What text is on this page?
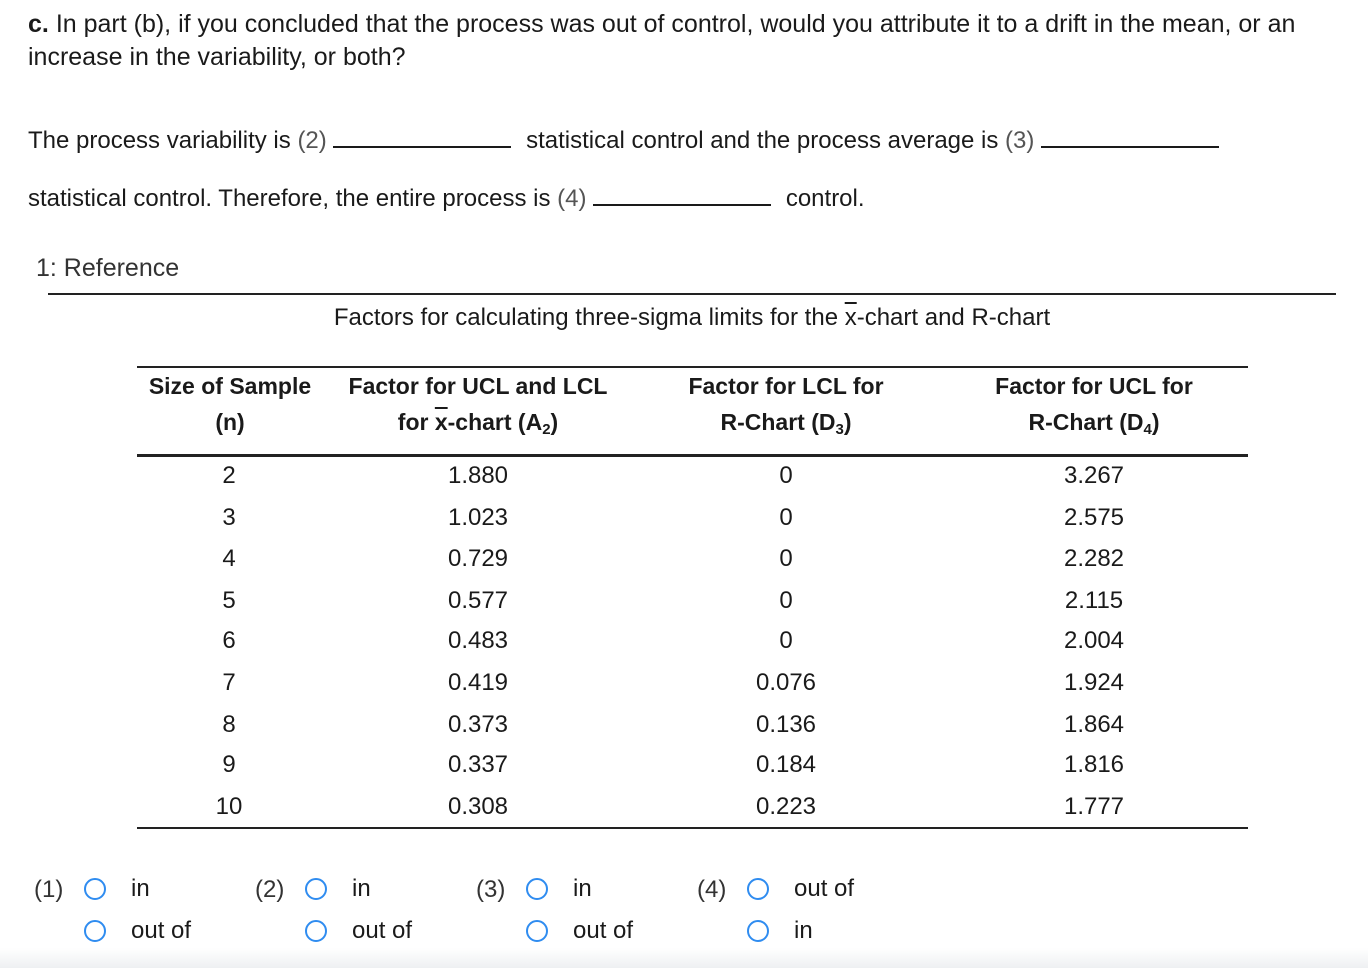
c. In part (b), if you concluded that the process was out of control, would you attribute it to a drift in the mean, or an increase in the variability, or both?
The process variability is (2)	statistical control and the process average is (3)
statistical control. Therefore, the entire process is (4)	control.
1: Reference
Factors for calculating three-sigma limits for the $\overline{x}$-chart and R-chart
Size of Sample
(n)
Factor for UCL and LCL
for $\overline{x}$-chart $(A_2)$
Factor for LCL for
R-Chart $(D_3)$
Factor for UCL for
R-Chart $(D_4)$
2	1.880	0	3.267
3	1.023	0	2.575
4	0.729	0	2.282
5	0.577	0	2.115
6	0.483	0	2.004
7	0.419	0.076	1.924
8	0.373	0.136	1.864
9	0.337	0.184	1.816
10	0.308	0.223	1.777
(1)	in
out of
(2)	in
out of
(3)	in
out of
(4)	out of
in
